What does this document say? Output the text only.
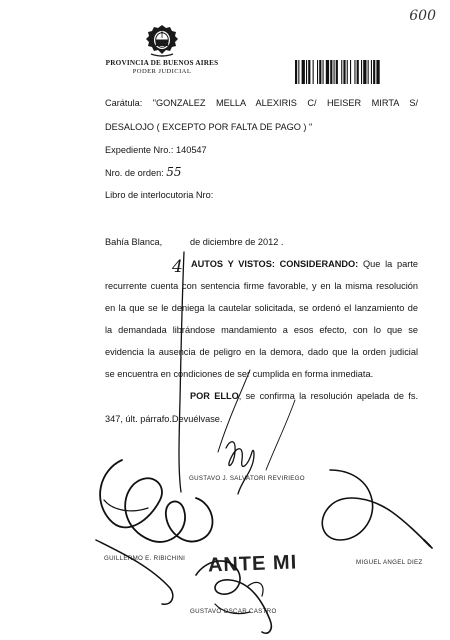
600
PROVINCIA DE BUENOS AIRES
PODER JUDICIAL
Carátula: "GONZALEZ MELLA ALEXIRIS C/ HEISER MIRTA S/
DESALOJO ( EXCEPTO POR FALTA DE PAGO ) "
Expediente Nro.: 140547
Nro. de orden: 55
Libro de interlocutoria Nro:
Bahía Blanca,
4
de diciembre de 2012 .
AUTOS Y VISTOS: CONSIDERANDO: Que la parte
recurrente cuenta con sentencia firme favorable, y en la misma resolución
en la que se le deniega la cautelar solicitada, se ordenó el lanzamiento de
la demandada librándose mandamiento a esos efecto, con lo que se
evidencia la ausencia de peligro en la demora, dado que la orden judicial
se encuentra en condiciones de ser cumplida en forma inmediata.
POR ELLO, se confirma la resolución apelada de fs.
347, últ. párrafo.Devuélvase.
GUSTAVO J. SALVATORI REVIRIEGO
GUILLERMO E. RIBICHINI
MIGUEL ANGEL DIEZ
ANTE MI
GUSTAVO OSCAR CASTRO
